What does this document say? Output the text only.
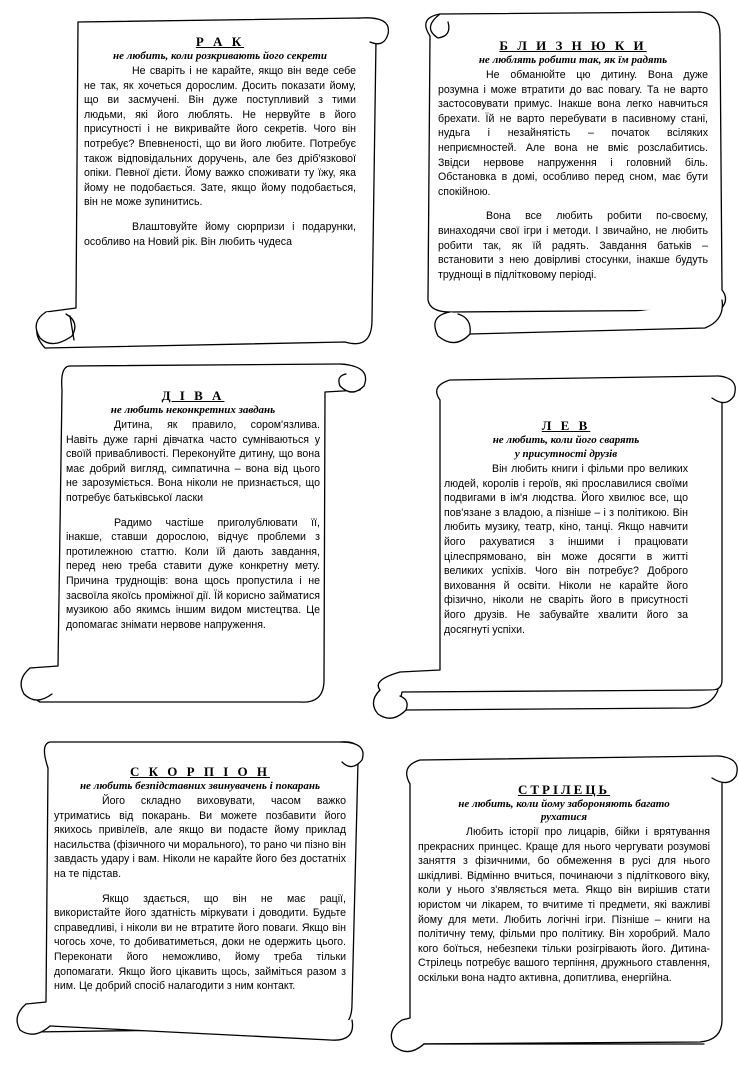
Р А К
не любить, коли розкривають його секрети

Не сваріть і не карайте, якщо він веде себе не так, як хочеться дорослим. Досить показати йому, що ви засмучені. Він дуже поступливий з тими людьми, які його люблять. Не нервуйте в його присутності і не викривайте його секретів. Чого він потребує? Впевненості, що ви його любите. Потребує також відповідальних доручень, але без дріб'язкової опіки. Певної дієти. Йому важко споживати ту їжу, яка йому не подобається. Зате, якщо йому подобається, він не може зупинитись.

Влаштовуйте йому сюрпризи і подарунки, особливо на Новий рік. Він любить чудеса

Б Л И З Н Ю К И
не люблять робити так, як їм радять

Не обманюйте цю дитину. Вона дуже розумна і може втратити до вас повагу. Та не варто застосовувати примус. Інакше вона легко навчиться брехати. Їй не варто перебувати в пасивному стані, нудьга і незайнятість – початок всіляких неприємностей. Але вона не вміє розслабитись. Звідси нервове напруження і головний біль. Обстановка в домі, особливо перед сном, має бути спокійною.

Вона все любить робити по-своєму, винаходячи свої ігри і методи. І звичайно, не любить робити так, як їй радять. Завдання батьків – встановити з нею довірливі стосунки, інакше будуть труднощі в підлітковому періоді.

Д І В А
не любить неконкретних завдань

Дитина, як правило, сором'язлива. Навіть дуже гарні дівчатка часто сумніваються у своїй привабливості. Переконуйте дитину, що вона має добрий вигляд, симпатична – вона від цього не зарозуміється. Вона ніколи не признається, що потребує батьківської ласки

Радимо частіше приголублювати її, інакше, ставши дорослою, відчує проблеми з протилежною статтю. Коли їй дають завдання, перед нею треба ставити дуже конкретну мету. Причина труднощів: вона щось пропустила і не засвоїла якоїсь проміжної дії. Їй корисно займатися музикою або якимсь іншим видом мистецтва. Це допомагає знімати нервове напруження.

Л Е В
не любить, коли його сварять
у присутності друзів

Він любить книги і фільми про великих людей, королів і героїв, які прославилися своїми подвигами в ім'я людства. Його хвилює все, що пов'язане з владою, а пізніше – і з політикою. Він любить музику, театр, кіно, танці. Якщо навчити його рахуватися з іншими і працювати цілеспрямовано, він може досягти в житті великих успіхів. Чого він потребує? Доброго виховання й освіти. Ніколи не карайте його фізично, ніколи не сваріть його в присутності його друзів. Не забувайте хвалити його за досягнуті успіхи.

С К О Р П І О Н
не любить безпідставних звинувачень і покарань

Його складно виховувати, часом важко утриматись від покарань. Ви можете позбавити його якихось привілеїв, але якщо ви подасте йому приклад насильства (фізичного чи морального), то рано чи пізно він завдасть удару і вам. Ніколи не карайте його без достатніх на те підстав.

Якщо здається, що він не має рації, використайте його здатність міркувати і доводити. Будьте справедливі, і ніколи ви не втратите його поваги. Якщо він чогось хоче, то добиватиметься, доки не одержить цього. Переконати його неможливо, йому треба тільки допомагати. Якщо його цікавить щось, займіться разом з ним. Це добрий спосіб налагодити з ним контакт.

СТРІЛЕЦЬ
не любить, коли йому забороняють багато рухатися

Любить історії про лицарів, бійки і врятування прекрасних принцес. Краще для нього чергувати розумові заняття з фізичними, бо обмеження в русі для нього шкідливі. Відмінно вчиться, починаючи з підліткового віку, коли у нього з'являється мета. Якщо він вирішив стати юристом чи лікарем, то вчитиме ті предмети, які важливі йому для мети. Любить логічні ігри. Пізніше – книги на політичну тему, фільми про політику. Він хоробрий. Мало кого боїться, небезпеки тільки розігрівають його. Дитина-Стрілець потребує вашого терпіння, дружнього ставлення, оскільки вона надто активна, допитлива, енергійна.
